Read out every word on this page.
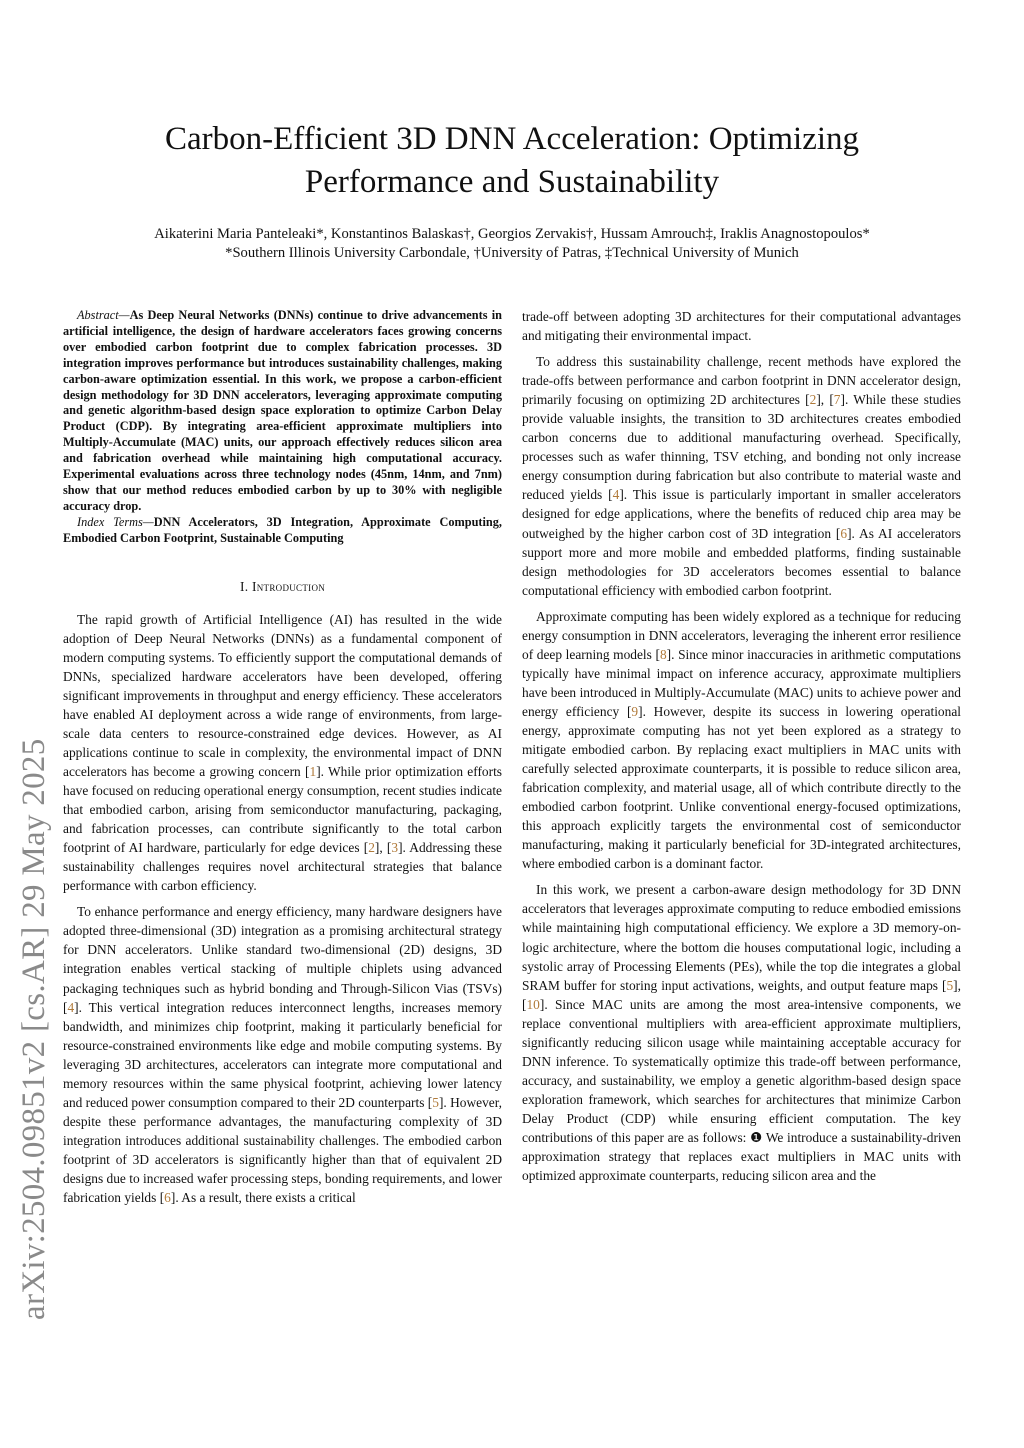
arXiv:2504.09851v2 [cs.AR] 29 May 2025
Carbon-Efficient 3D DNN Acceleration: Optimizing
Performance and Sustainability
Aikaterini Maria Panteleaki*, Konstantinos Balaskas†, Georgios Zervakis†, Hussam Amrouch‡, Iraklis Anagnostopoulos*
*Southern Illinois University Carbondale, †University of Patras, ‡Technical University of Munich

Abstract—As Deep Neural Networks (DNNs) continue to drive advancements in artificial intelligence, the design of hardware accelerators faces growing concerns over embodied carbon footprint due to complex fabrication processes. 3D integration improves performance but introduces sustainability challenges, making carbon-aware optimization essential. In this work, we propose a carbon-efficient design methodology for 3D DNN accelerators, leveraging approximate computing and genetic algorithm-based design space exploration to optimize Carbon Delay Product (CDP). By integrating area-efficient approximate multipliers into Multiply-Accumulate (MAC) units, our approach effectively reduces silicon area and fabrication overhead while maintaining high computational accuracy. Experimental evaluations across three technology nodes (45nm, 14nm, and 7nm) show that our method reduces embodied carbon by up to 30% with negligible accuracy drop.

Index Terms—DNN Accelerators, 3D Integration, Approximate Computing, Embodied Carbon Footprint, Sustainable Computing

I. Introduction

The rapid growth of Artificial Intelligence (AI) has resulted in the wide adoption of Deep Neural Networks (DNNs) as a fundamental component of modern computing systems. To efficiently support the computational demands of DNNs, specialized hardware accelerators have been developed, offering significant improvements in throughput and energy efficiency. These accelerators have enabled AI deployment across a wide range of environments, from large-scale data centers to resource-constrained edge devices. However, as AI applications continue to scale in complexity, the environmental impact of DNN accelerators has become a growing concern [1]. While prior optimization efforts have focused on reducing operational energy consumption, recent studies indicate that embodied carbon, arising from semiconductor manufacturing, packaging, and fabrication processes, can contribute significantly to the total carbon footprint of AI hardware, particularly for edge devices [2], [3]. Addressing these sustainability challenges requires novel architectural strategies that balance performance with carbon efficiency.

To enhance performance and energy efficiency, many hardware designers have adopted three-dimensional (3D) integration as a promising architectural strategy for DNN accelerators. Unlike standard two-dimensional (2D) designs, 3D integration enables vertical stacking of multiple chiplets using advanced packaging techniques such as hybrid bonding and Through-Silicon Vias (TSVs) [4]. This vertical integration reduces interconnect lengths, increases memory bandwidth, and minimizes chip footprint, making it particularly beneficial for resource-constrained environments like edge and mobile computing systems. By leveraging 3D architectures, accelerators can integrate more computational and memory resources within the same physical footprint, achieving lower latency and reduced power consumption compared to their 2D counterparts [5]. However, despite these performance advantages, the manufacturing complexity of 3D integration introduces additional sustainability challenges. The embodied carbon footprint of 3D accelerators is significantly higher than that of equivalent 2D designs due to increased wafer processing steps, bonding requirements, and lower fabrication yields [6]. As a result, there exists a critical

trade-off between adopting 3D architectures for their computational advantages and mitigating their environmental impact.

To address this sustainability challenge, recent methods have explored the trade-offs between performance and carbon footprint in DNN accelerator design, primarily focusing on optimizing 2D architectures [2], [7]. While these studies provide valuable insights, the transition to 3D architectures creates embodied carbon concerns due to additional manufacturing overhead. Specifically, processes such as wafer thinning, TSV etching, and bonding not only increase energy consumption during fabrication but also contribute to material waste and reduced yields [4]. This issue is particularly important in smaller accelerators designed for edge applications, where the benefits of reduced chip area may be outweighed by the higher carbon cost of 3D integration [6]. As AI accelerators support more and more mobile and embedded platforms, finding sustainable design methodologies for 3D accelerators becomes essential to balance computational efficiency with embodied carbon footprint.

Approximate computing has been widely explored as a technique for reducing energy consumption in DNN accelerators, leveraging the inherent error resilience of deep learning models [8]. Since minor inaccuracies in arithmetic computations typically have minimal impact on inference accuracy, approximate multipliers have been introduced in Multiply-Accumulate (MAC) units to achieve power and energy efficiency [9]. However, despite its success in lowering operational energy, approximate computing has not yet been explored as a strategy to mitigate embodied carbon. By replacing exact multipliers in MAC units with carefully selected approximate counterparts, it is possible to reduce silicon area, fabrication complexity, and material usage, all of which contribute directly to the embodied carbon footprint. Unlike conventional energy-focused optimizations, this approach explicitly targets the environmental cost of semiconductor manufacturing, making it particularly beneficial for 3D-integrated architectures, where embodied carbon is a dominant factor.

In this work, we present a carbon-aware design methodology for 3D DNN accelerators that leverages approximate computing to reduce embodied emissions while maintaining high computational efficiency. We explore a 3D memory-on-logic architecture, where the bottom die houses computational logic, including a systolic array of Processing Elements (PEs), while the top die integrates a global SRAM buffer for storing input activations, weights, and output feature maps [5], [10]. Since MAC units are among the most area-intensive components, we replace conventional multipliers with area-efficient approximate multipliers, significantly reducing silicon usage while maintaining acceptable accuracy for DNN inference. To systematically optimize this trade-off between performance, accuracy, and sustainability, we employ a genetic algorithm-based design space exploration framework, which searches for architectures that minimize Carbon Delay Product (CDP) while ensuring efficient computation. The key contributions of this paper are as follows: ❶ We introduce a sustainability-driven approximation strategy that replaces exact multipliers in MAC units with optimized approximate counterparts, reducing silicon area and the
